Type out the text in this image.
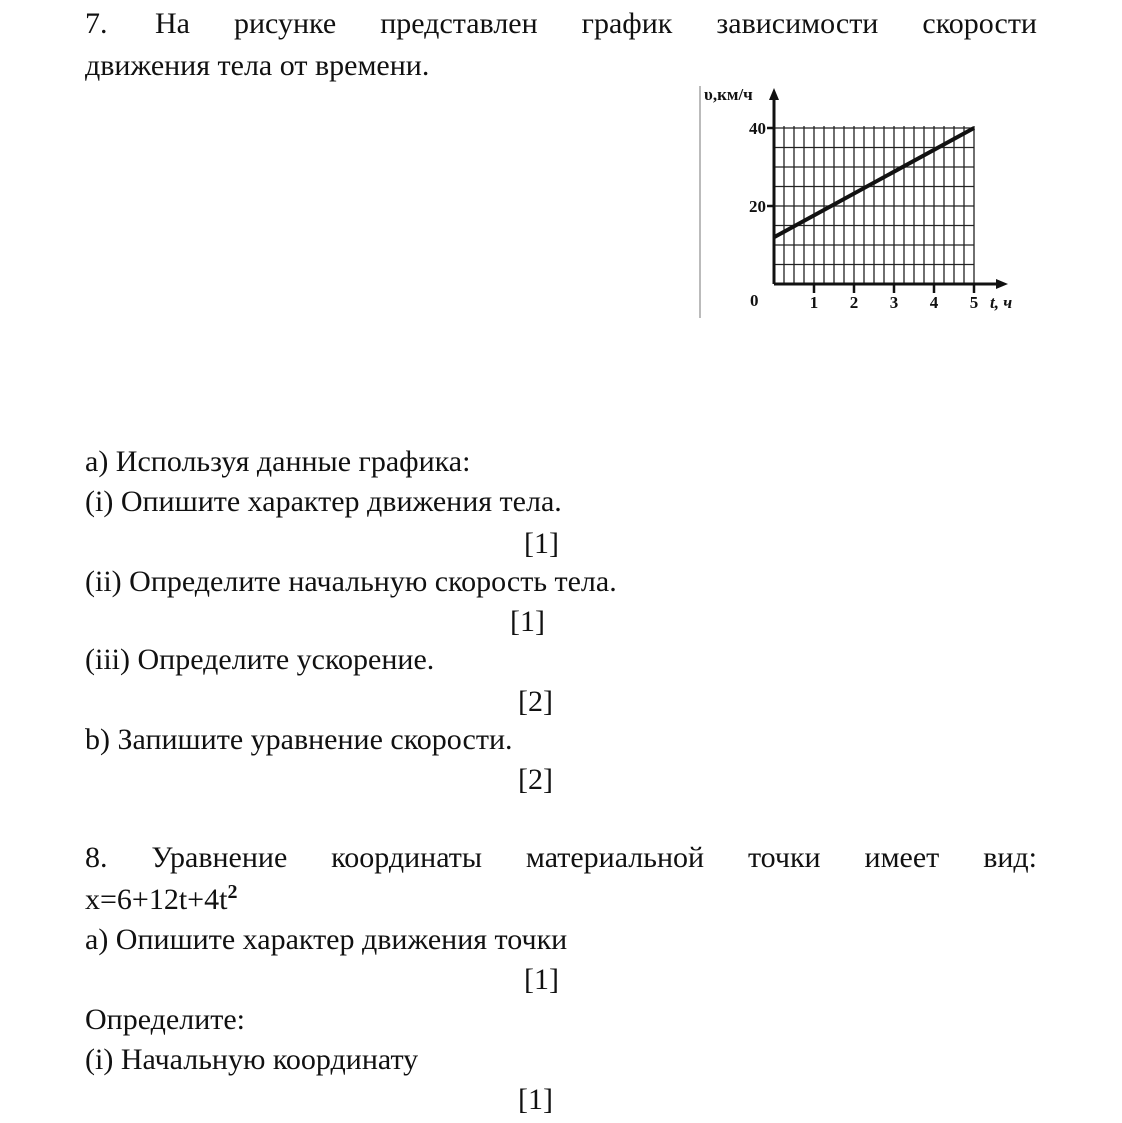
7. На рисунке представлен график зависимости скорости
движения тела от времени.
υ,км/ч
t, ч
0
20
40
1 2 3 4 5
а) Используя данные графика:
(i) Опишите характер движения тела.
[1]
(ii) Определите начальную скорость тела.
[1]
(iii) Определите ускорение.
[2]
b) Запишите уравнение скорости.
[2]
8. Уравнение координаты материальной точки имеет вид:
$x=6+12t+4t^2$
а) Опишите характер движения точки
[1]
Определите:
(i) Начальную координату
[1]
